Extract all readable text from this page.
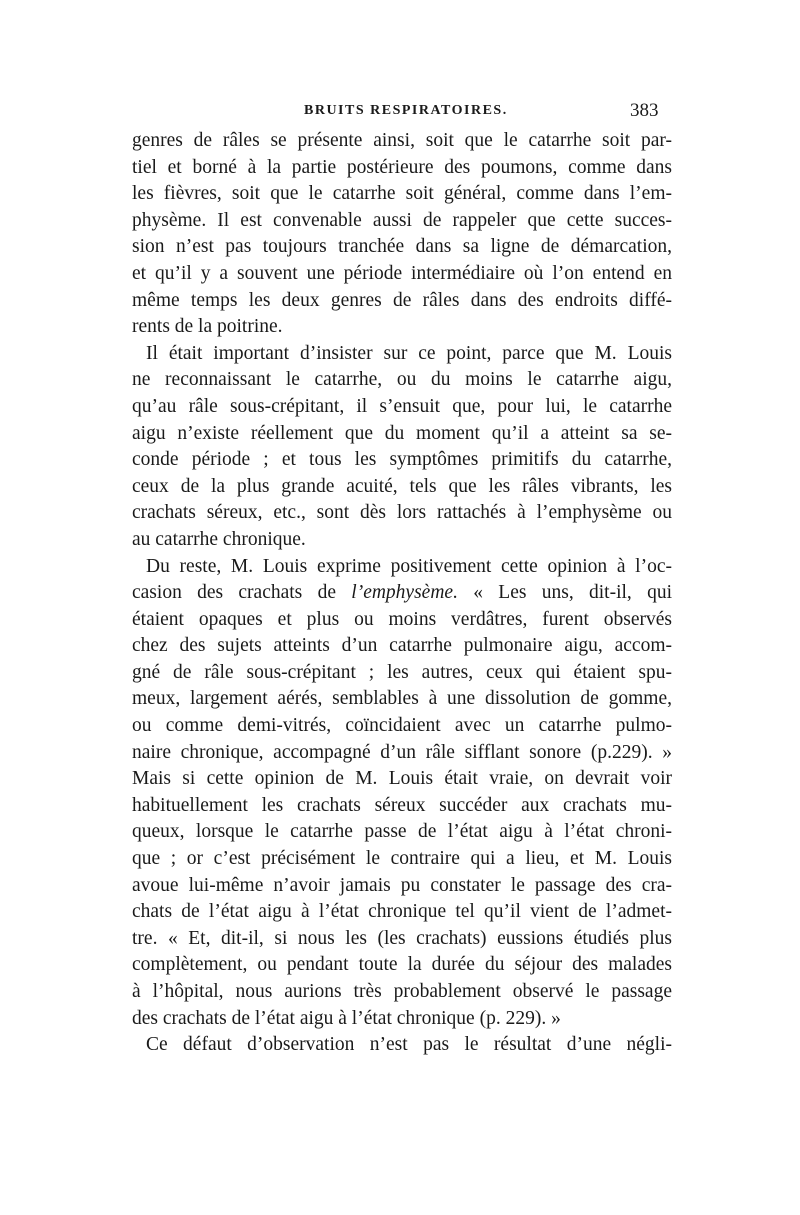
BRUITS RESPIRATOIRES.	383
genres de râles se présente ainsi, soit que le catarrhe soit par-
tiel et borné à la partie postérieure des poumons, comme dans
les fièvres, soit que le catarrhe soit général, comme dans l’em-
physème. Il est convenable aussi de rappeler que cette succes-
sion n’est pas toujours tranchée dans sa ligne de démarcation,
et qu’il y a souvent une période intermédiaire où l’on entend en
même temps les deux genres de râles dans des endroits diffé-
rents de la poitrine.
Il était important d’insister sur ce point, parce que M. Louis
ne reconnaissant le catarrhe, ou du moins le catarrhe aigu,
qu’au râle sous-crépitant, il s’ensuit que, pour lui, le catarrhe
aigu n’existe réellement que du moment qu’il a atteint sa se-
conde période ; et tous les symptômes primitifs du catarrhe,
ceux de la plus grande acuité, tels que les râles vibrants, les
crachats séreux, etc., sont dès lors rattachés à l’emphysème ou
au catarrhe chronique.
Du reste, M. Louis exprime positivement cette opinion à l’oc-
casion des crachats de l’emphysème. « Les uns, dit-il, qui
étaient opaques et plus ou moins verdâtres, furent observés
chez des sujets atteints d’un catarrhe pulmonaire aigu, accom-
gné de râle sous-crépitant ; les autres, ceux qui étaient spu-
meux, largement aérés, semblables à une dissolution de gomme,
ou comme demi-vitrés, coïncidaient avec un catarrhe pulmo-
naire chronique, accompagné d’un râle sifflant sonore (p.229). »
Mais si cette opinion de M. Louis était vraie, on devrait voir
habituellement les crachats séreux succéder aux crachats mu-
queux, lorsque le catarrhe passe de l’état aigu à l’état chroni-
que ; or c’est précisément le contraire qui a lieu, et M. Louis
avoue lui-même n’avoir jamais pu constater le passage des cra-
chats de l’état aigu à l’état chronique tel qu’il vient de l’admet-
tre. « Et, dit-il, si nous les (les crachats) eussions étudiés plus
complètement, ou pendant toute la durée du séjour des malades
à l’hôpital, nous aurions très probablement observé le passage
des crachats de l’état aigu à l’état chronique (p. 229). »
Ce défaut d’observation n’est pas le résultat d’une négli-
